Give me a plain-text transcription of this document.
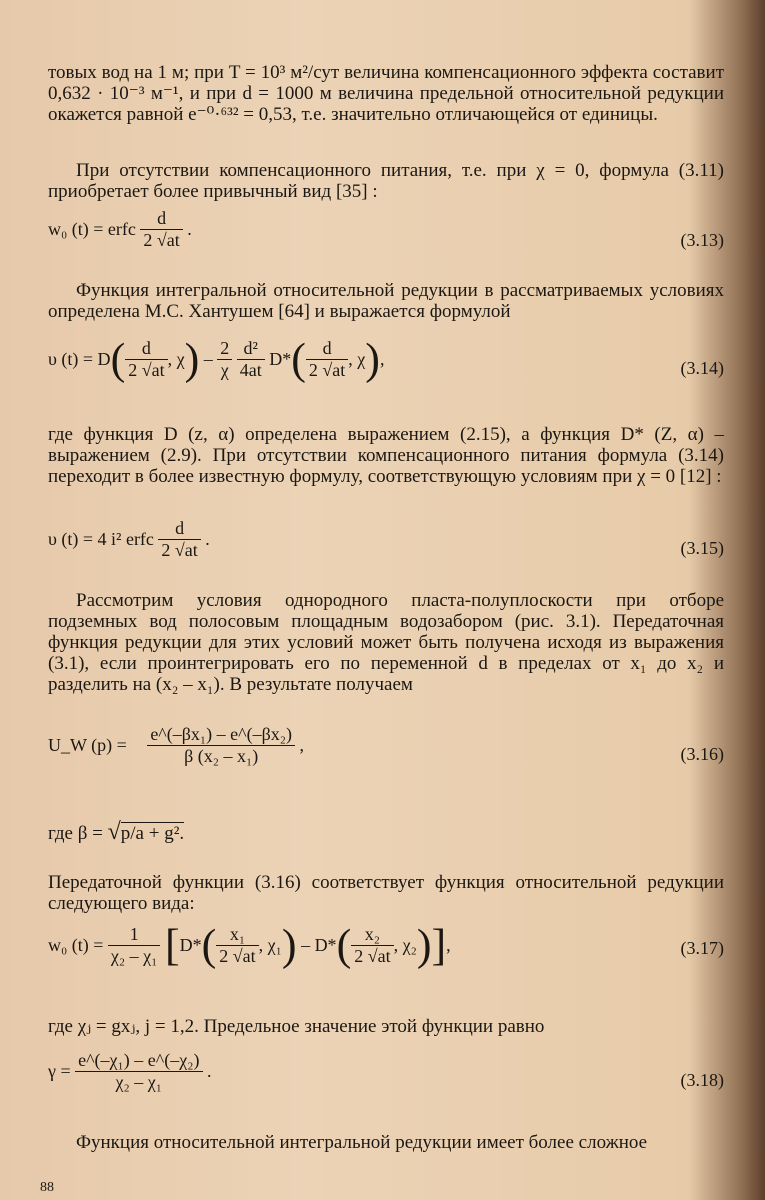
товых вод на 1 м; при T = 10³ м²/сут величина компенсационного эффекта составит 0,632 · 10⁻³ м⁻¹, и при d = 1000 м величина предельной относительной редукции окажется равной e⁻⁰·⁶³² = 0,53, т.е. значительно отличающейся от единицы.

При отсутствии компенсационного питания, т.е. при χ = 0, формула (3.11) приобретает более привычный вид [35] :

w₀ (t) = erfc $\frac{d}{2 √at}$ .
(3.13)

Функция интегральной относительной редукции в рассматриваемых условиях определена М.С. Хантушем [64] и выражается формулой

υ $(t) = D( \frac{d}{2 √at}$ , $\chi) - \frac{2}{\chi}$
$\frac{\text{d²}}{4at} D*( \frac{d}{2 √at}$ , χ),	(3.14)

где функция D (z, α) определена выражением (2.15), а функция D* (Z, α) – выражением (2.9). При отсутствии компенсационного питания формула (3.14) переходит в более известную формулу, соответствующую условиям при χ = 0 [12] :

υ (t) = 4 i² erfc $\frac{d}{2 √at}$ .	(3.15)

Рассмотрим условия однородного пласта-полуплоскости при отборе подземных вод полосовым площадным водозабором (рис. 3.1). Передаточная функция редукции для этих условий может быть получена исходя из выражения (3.1), если проинтегрировать его по переменной d в пределах от x₁ до x₂ и разделить на (x₂ – x₁). В результате получаем

U_W $(p) = \frac{\text{e\textasciicircum{}(–βx₁) – e\textasciicircum{}(–βx₂)}}{\text{β (x₂ – x₁)}}$ ,	(3.16)
где β = √p/a + g².

Передаточной функции (3.16) соответствует функция относительной редукции следующего вида:

w₀ $(t) = \frac{1}{\text{χ₂ – χ₁}} [D*( \frac{\text{x₁}}{2 √at}$ , $\chi_1) - D*( \frac{\text{x₂}}{2 √at}$ , χ₂)],	(3.17)

где χⱼ = gxⱼ, j = 1,2. Предельное значение этой функции равно

$\gamma = \frac{\text{e\textasciicircum{}(–χ₁) – e\textasciicircum{}(–χ₂)}}{\text{χ₂ – χ₁}}$ .	(3.18)

Функция относительной интегральной редукции имеет более сложное

88
